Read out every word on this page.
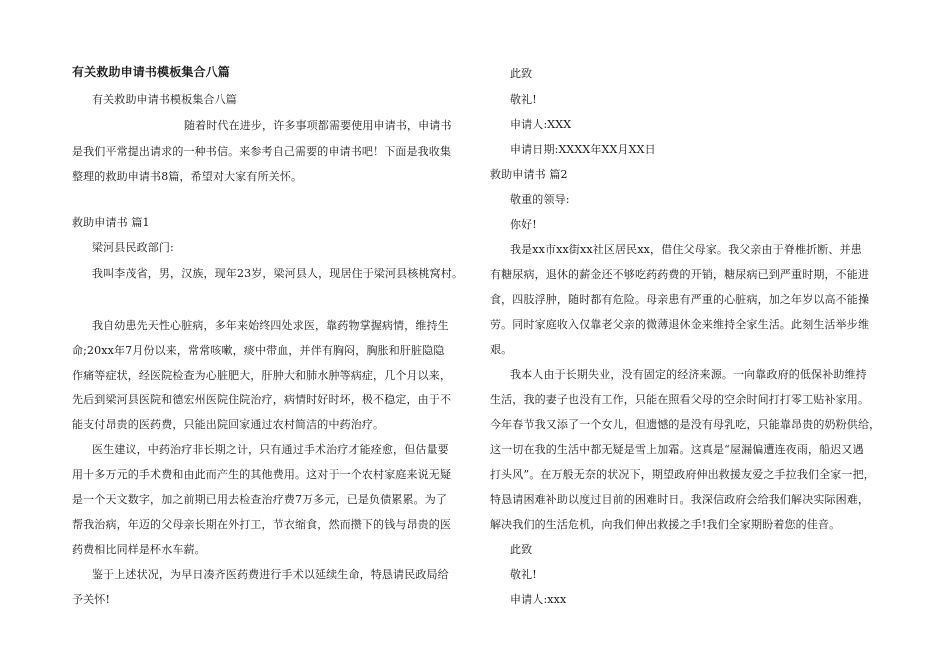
有关救助申请书模板集合八篇
有关救助申请书模板集合八篇
随着时代在进步，许多事项都需要使用申请书，申请书
是我们平常提出请求的一种书信。来参考自己需要的申请书吧！下面是我收集
整理的救助申请书8篇，希望对大家有所关怀。
救助申请书 篇1
梁河县民政部门:
我叫李茂省，男，汉族，现年23岁，梁河县人，现居住于梁河县核桃窝村。
我自幼患先天性心脏病，多年来始终四处求医，靠药物掌握病情，维持生
命;20xx年7月份以来，常常咳嗽，痰中带血，并伴有胸闷，胸胀和肝脏隐隐
作痛等症状，经医院检查为心脏肥大，肝肿大和肺水肿等病症，几个月以来，
先后到梁河县医院和德宏州医院住院治疗，病情时好时坏，极不稳定，由于不
能支付昂贵的医药费，只能出院回家通过农村简洁的中药治疗。
医生建议，中药治疗非长期之计，只有通过手术治疗才能痊愈，但估量要
用十多万元的手术费和由此而产生的其他费用。这对于一个农村家庭来说无疑
是一个天文数字，加之前期已用去检查治疗费7万多元，已是负债累累。为了
帮我治病，年迈的父母亲长期在外打工，节衣缩食，然而攒下的钱与昂贵的医
药费相比同样是杯水车薪。
鉴于上述状况，为早日凑齐医药费进行手术以延续生命，特恳请民政局给
予关怀!
此致
敬礼!
申请人:XXX
申请日期:XXXX年XX月XX日
救助申请书 篇2
敬重的领导:
你好!
我是xx市xx街xx社区居民xx，借住父母家。我父亲由于脊椎折断、并患
有糖尿病，退休的薪金还不够吃药药费的开销，糖尿病已到严重时期，不能进
食，四肢浮肿，随时都有危险。母亲患有严重的心脏病，加之年岁以高不能操
劳。同时家庭收入仅靠老父亲的微薄退休金来维持全家生活。此刻生活举步维
艰。
我本人由于长期失业，没有固定的经济来源。一向靠政府的低保补助维持
生活，我的妻子也没有工作，只能在照看父母的空余时间打打零工贴补家用。
今年春节我又添了一个女儿，但遗憾的是没有母乳吃，只能靠昂贵的奶粉供给，
这一切在我的生活中都无疑是雪上加霜。这真是“屋漏偏遭连夜雨，船迟又遇
打头风”。在万般无奈的状况下，期望政府伸出救援友爱之手拉我们全家一把，
特恳请困难补助以度过目前的困难时日。我深信政府会给我们解决实际困难，
解决我们的生活危机，向我们伸出救援之手!我们全家期盼着您的佳音。
此致
敬礼!
申请人:xxx
